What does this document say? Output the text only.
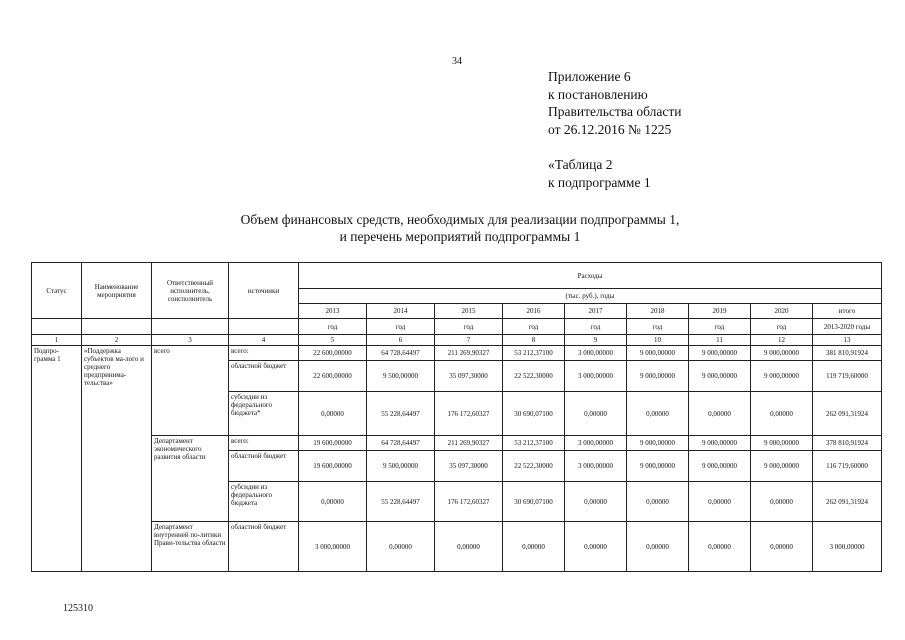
34
Приложение 6
к постановлению
Правительства области
от 26.12.2016 № 1225
«Таблица 2
к подпрограмме 1
Объем финансовых средств, необходимых для реализации подпрограммы 1,
и перечень мероприятий подпрограммы 1
Статус	Наименование мероприятия	Ответственный исполнитель, соисполнитель	источники	Расходы								
				(тыс. руб.), годы								
				2013	2014	2015	2016	2017	2018	2019	2020	итого
				год	год	год	год	год	год	год	год	2013-2020 годы
1	2	3	4	5	6	7	8	9	10	11	12	13
Подпро-грамма 1	«Поддержка субъектов ма-лого и среднего предпринима-тельства»	всего	всего:	22 600,00000	64 728,64497	211 269,90327	53 212,37100	3 000,00000	9 000,00000	9 000,00000	9 000,00000	381 810,91924
			областной бюджет	22 600,00000	9 500,00000	35 097,30000	22 522,30000	3 000,00000	9 000,00000	9 000,00000	9 000,00000	119 719,60000
			субсидии из федерального бюджета*	0,00000	55 228,64497	176 172,60327	30 690,07100	0,00000	0,00000	0,00000	0,00000	262 091,31924
		Департамент экономического развития области	всего:	19 600,00000	64 728,64497	211 269,90327	53 212,37100	3 000,00000	9 000,00000	9 000,00000	9 000,00000	378 810,91924
			областной бюджет	19 600,00000	9 500,00000	35 097,30000	22 522,30000	3 000,00000	9 000,00000	9 000,00000	9 000,00000	116 719,60000
			субсидии из федерального бюджета	0,00000	55 228,64497	176 172,60327	30 690,07100	0,00000	0,00000	0,00000	0,00000	262 091,31924
		Департамент внутренней по-литики Прави-тельства области	областной бюджет	3 000,00000	0,00000	0,00000	0,00000	0,00000	0,00000	0,00000	0,00000	3 000,00000
125310
